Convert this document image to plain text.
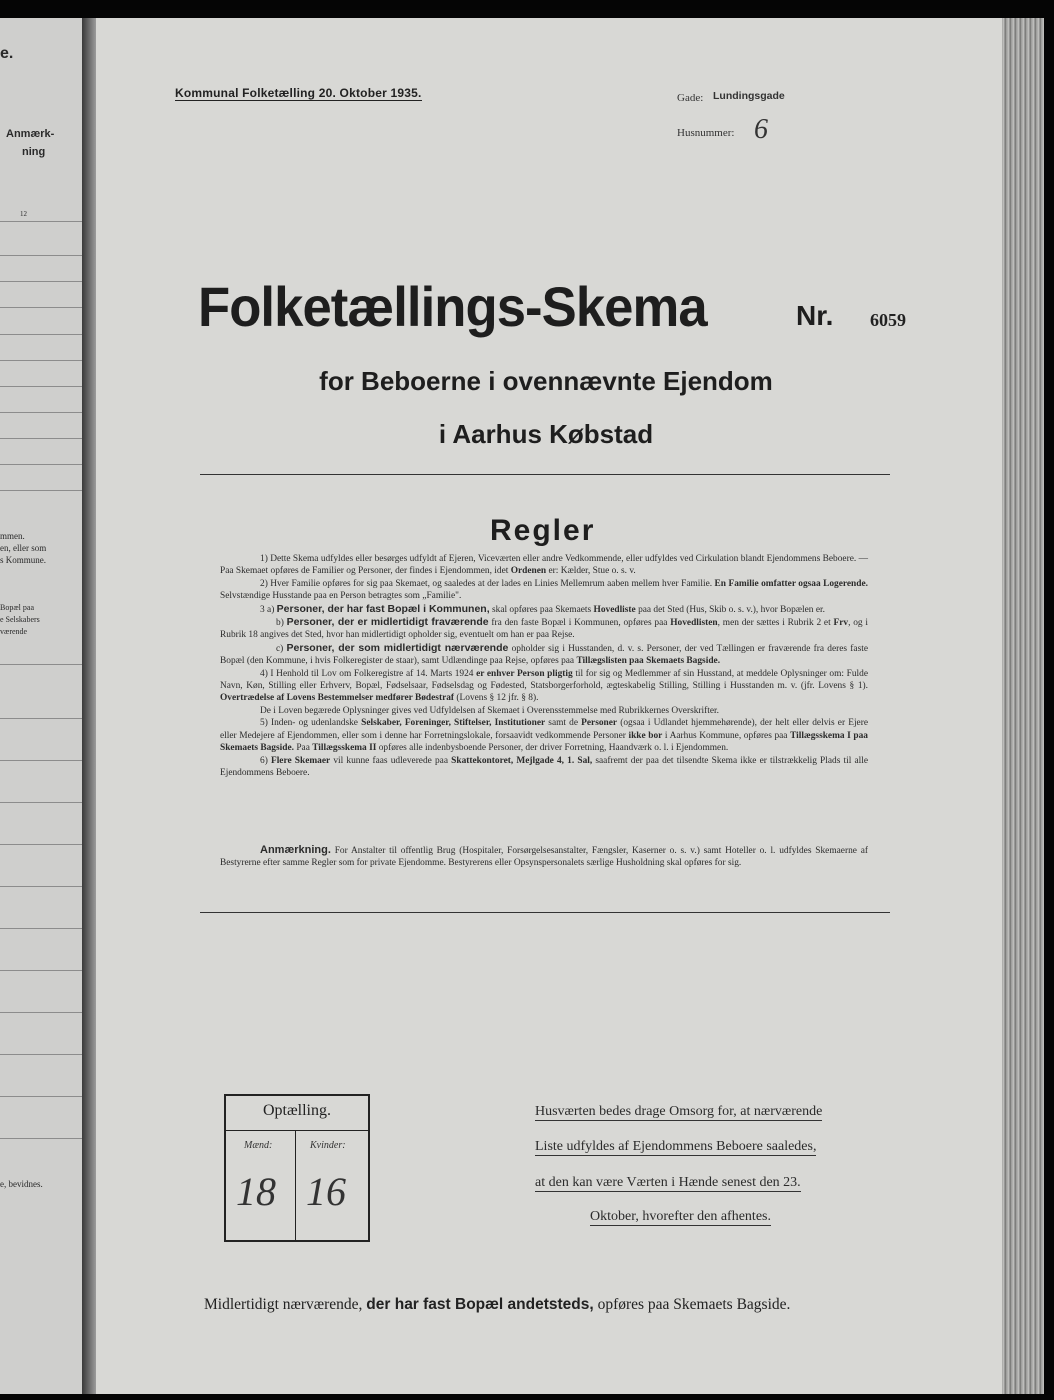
e.
Anmærk-
ning
12
mmen.
en, eller som
s Kommune.
Bopæl paa
e Selskabers
værende
e, bevidnes.
Kommunal Folketælling 20. Oktober 1935.	Gade: Lundingsgade
Husnummer: 6
Folketællings-Skema	Nr. 6059
for Beboerne i ovennævnte Ejendom
i Aarhus Købstad
Regler

1) Dette Skema udfyldes eller besørges udfyldt af Ejeren, Viceværten eller andre Vedkommende, eller udfyldes ved Cirkulation blandt Ejendommens Beboere. — Paa Skemaet opføres de Familier og Personer, der findes i Ejendommen, idet Ordenen er: Kælder, Stue o. s. v.

2) Hver Familie opføres for sig paa Skemaet, og saaledes at der lades en Linies Mellemrum aaben mellem hver Familie. En Familie omfatter ogsaa Logerende. Selvstændige Husstande paa en Person betragtes som „Familie".

3 a) Personer, der har fast Bopæl i Kommunen, skal opføres paa Skemaets Hovedliste paa det Sted (Hus, Skib o. s. v.), hvor Bopælen er.

b) Personer, der er midlertidigt fraværende fra den faste Bopæl i Kommunen, opføres paa Hovedlisten, men der sættes i Rubrik 2 et Frv, og i Rubrik 18 angives det Sted, hvor han midlertidigt opholder sig, eventuelt om han er paa Rejse.

c) Personer, der som midlertidigt nærværende opholder sig i Husstanden, d. v. s. Personer, der ved Tællingen er fraværende fra deres faste Bopæl (den Kommune, i hvis Folkeregister de staar), samt Udlændinge paa Rejse, opføres paa Tillægslisten paa Skemaets Bagside.

4) I Henhold til Lov om Folkeregistre af 14. Marts 1924 er enhver Person pligtig til for sig og Medlemmer af sin Husstand, at meddele Oplysninger om: Fulde Navn, Køn, Stilling eller Erhverv, Bopæl, Fødselsaar, Fødselsdag og Fødested, Statsborgerforhold, ægteskabelig Stilling, Stilling i Husstanden m. v. (jfr. Lovens § 1). Overtrædelse af Lovens Bestemmelser medfører Bødestraf (Lovens § 12 jfr. § 8).

De i Loven begærede Oplysninger gives ved Udfyldelsen af Skemaet i Overensstemmelse med Rubrikkernes Overskrifter.

5) Inden- og udenlandske Selskaber, Foreninger, Stiftelser, Institutioner samt de Personer (ogsaa i Udlandet hjemmehørende), der helt eller delvis er Ejere eller Medejere af Ejendommen, eller som i denne har Forretningslokale, forsaavidt vedkommende Personer ikke bor i Aarhus Kommune, opføres paa Tillægsskema I paa Skemaets Bagside. Paa Tillægsskema II opføres alle indenbysboende Personer, der driver Forretning, Haandværk o. l. i Ejendommen.

6) Flere Skemaer vil kunne faas udleverede paa Skattekontoret, Mejlgade 4, 1. Sal, saafremt der paa det tilsendte Skema ikke er tilstrækkelig Plads til alle Ejendommens Beboere.

Anmærkning. For Anstalter til offentlig Brug (Hospitaler, Forsørgelsesanstalter, Fængsler, Kaserner o. s. v.) samt Hoteller o. l. udfyldes Skemaerne af Bestyrerne efter samme Regler som for private Ejendomme. Bestyrerens eller Opsynspersonalets særlige Husholdning skal opføres for sig.

Optælling.
Mænd:	Kvinder:
18 16
Husværten bedes drage Omsorg for, at nærværende
Liste udfyldes af Ejendommens Beboere saaledes,
at den kan være Værten i Hænde senest den 23.
Oktober, hvorefter den afhentes.
Midlertidigt nærværende, der har fast Bopæl andetsteds, opføres paa Skemaets Bagside.
